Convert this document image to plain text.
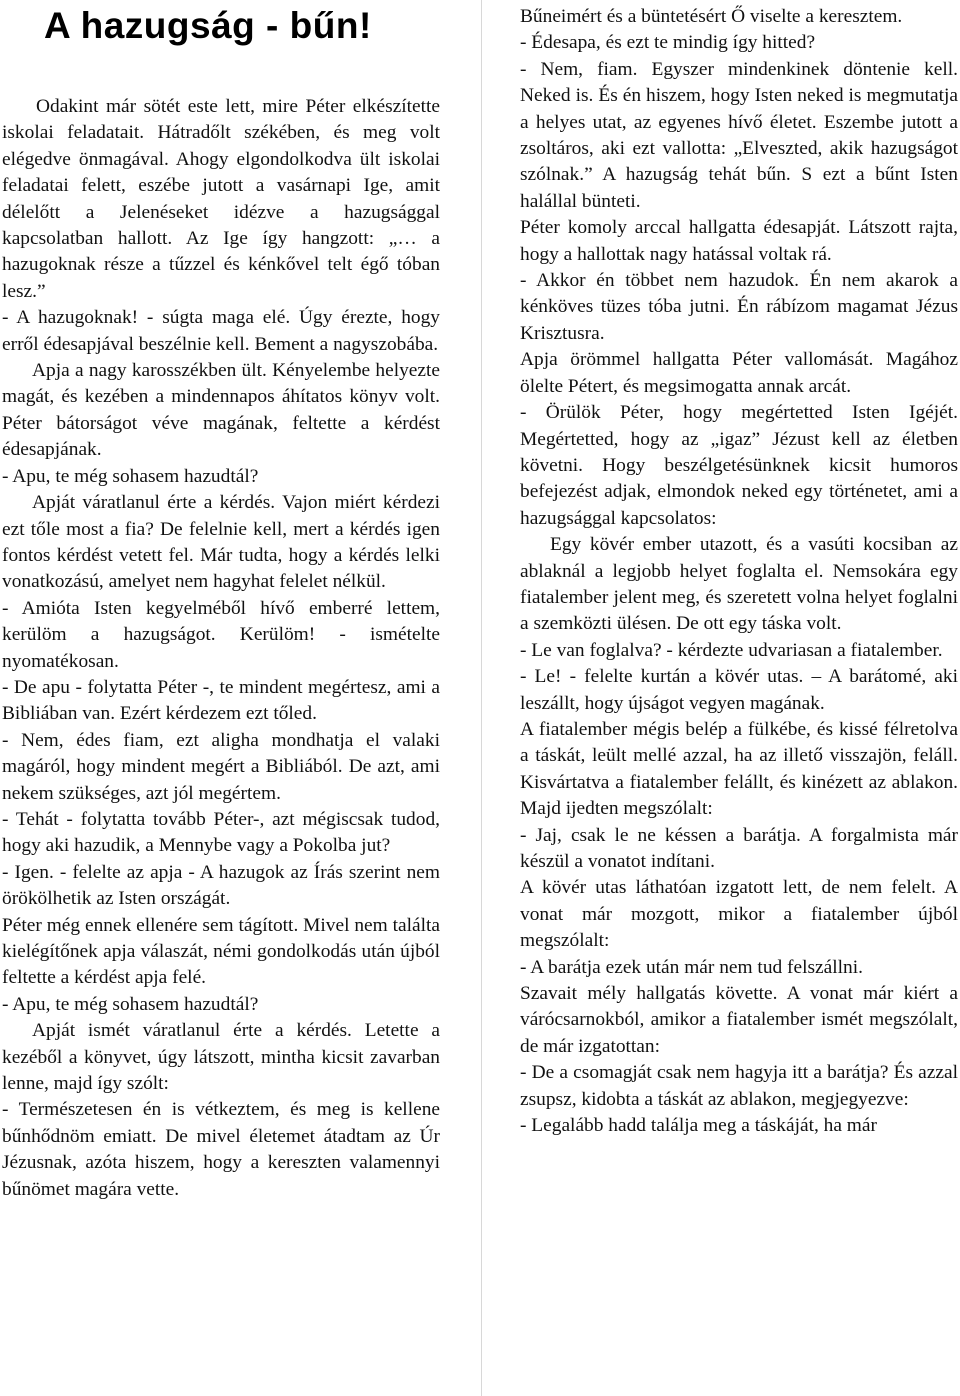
A hazugság - bűn!

Odakint már sötét este lett, mire Péter elkészítette iskolai feladatait. Hátradőlt székében, és meg volt elégedve önmagával. Ahogy elgondolkodva ült iskolai feladatai felett, eszébe jutott a vasárnapi Ige, amit délelőtt a Jelenéseket idézve a hazugsággal kapcsolatban hallott. Az Ige így hangzott: „… a hazugoknak része a tűzzel és kénkővel telt égő tóban lesz.”

- A hazugoknak! - súgta maga elé. Úgy érezte, hogy erről édesapjával beszélnie kell. Bement a nagyszobába.

Apja a nagy karosszékben ült. Kényelembe helyezte magát, és kezében a mindennapos áhítatos könyv volt. Péter bátorságot véve magának, feltette a kérdést édesapjának.

- Apu, te még sohasem hazudtál?

Apját váratlanul érte a kérdés. Vajon miért kérdezi ezt tőle most a fia? De felelnie kell, mert a kérdés igen fontos kérdést vetett fel. Már tudta, hogy a kérdés lelki vonatkozású, amelyet nem hagyhat felelet nélkül.

- Amióta Isten kegyelméből hívő emberré lettem, kerülöm a hazugságot. Kerülöm! - ismételte nyomatékosan.

- De apu - folytatta Péter -, te mindent megértesz, ami a Bibliában van. Ezért kérdezem ezt tőled.

- Nem, édes fiam, ezt aligha mondhatja el valaki magáról, hogy mindent megért a Bibliából. De azt, ami nekem szükséges, azt jól megértem.

- Tehát - folytatta tovább Péter-, azt mégiscsak tudod, hogy aki hazudik, a Mennybe vagy a Pokolba jut?

- Igen. - felelte az apja - A hazugok az Írás szerint nem örökölhetik az Isten országát.

Péter még ennek ellenére sem tágított. Mivel nem találta kielégítőnek apja válaszát, némi gondolkodás után újból feltette a kérdést apja felé.

- Apu, te még sohasem hazudtál?

Apját ismét váratlanul érte a kérdés. Letette a kezéből a könyvet, úgy látszott, mintha kicsit zavarban lenne, majd így szólt:

- Természetesen én is vétkeztem, és meg is kellene bűnhődnöm emiatt. De mivel életemet átadtam az Úr Jézusnak, azóta hiszem, hogy a kereszten valamennyi bűnömet magára vette.

Bűneimért és a büntetésért Ő viselte a keresztem.

- Édesapa, és ezt te mindig így hitted?

- Nem, fiam. Egyszer mindenkinek döntenie kell. Neked is. És én hiszem, hogy Isten neked is megmutatja a helyes utat, az egyenes hívő életet. Eszembe jutott a zsoltáros, aki ezt vallotta: „Elveszted, akik hazugságot szólnak.” A hazugság tehát bűn. S ezt a bűnt Isten halállal bünteti.

Péter komoly arccal hallgatta édesapját. Látszott rajta, hogy a hallottak nagy hatással voltak rá.

- Akkor én többet nem hazudok. Én nem akarok a kénköves tüzes tóba jutni. Én rábízom magamat Jézus Krisztusra.

Apja örömmel hallgatta Péter vallomását. Magához ölelte Pétert, és megsimogatta annak arcát.

- Örülök Péter, hogy megértetted Isten Igéjét. Megértetted, hogy az „igaz” Jézust kell az életben követni. Hogy beszélgetésünknek kicsit humoros befejezést adjak, elmondok neked egy történetet, ami a hazugsággal kapcsolatos:

Egy kövér ember utazott, és a vasúti kocsiban az ablaknál a legjobb helyet foglalta el. Nemsokára egy fiatalember jelent meg, és szeretett volna helyet foglalni a szemközti ülésen. De ott egy táska volt.

- Le van foglalva? - kérdezte udvariasan a fiatalember.

- Le! - felelte kurtán a kövér utas. – A barátomé, aki leszállt, hogy újságot vegyen magának.

A fiatalember mégis belép a fülkébe, és kissé félretolva a táskát, leült mellé azzal, ha az illető visszajön, feláll. Kisvártatva a fiatalember felállt, és kinézett az ablakon. Majd ijedten megszólalt:

- Jaj, csak le ne késsen a barátja. A forgalmista már készül a vonatot indítani.

A kövér utas láthatóan izgatott lett, de nem felelt. A vonat már mozgott, mikor a fiatalember újból megszólalt:

- A barátja ezek után már nem tud felszállni.

Szavait mély hallgatás követte. A vonat már kiért a várócsarnokból, amikor a fiatalember ismét megszólalt, de már izgatottan:

- De a csomagját csak nem hagyja itt a barátja? És azzal zsupsz, kidobta a táskát az ablakon, megjegyezve:

- Legalább hadd találja meg a táskáját, ha már
